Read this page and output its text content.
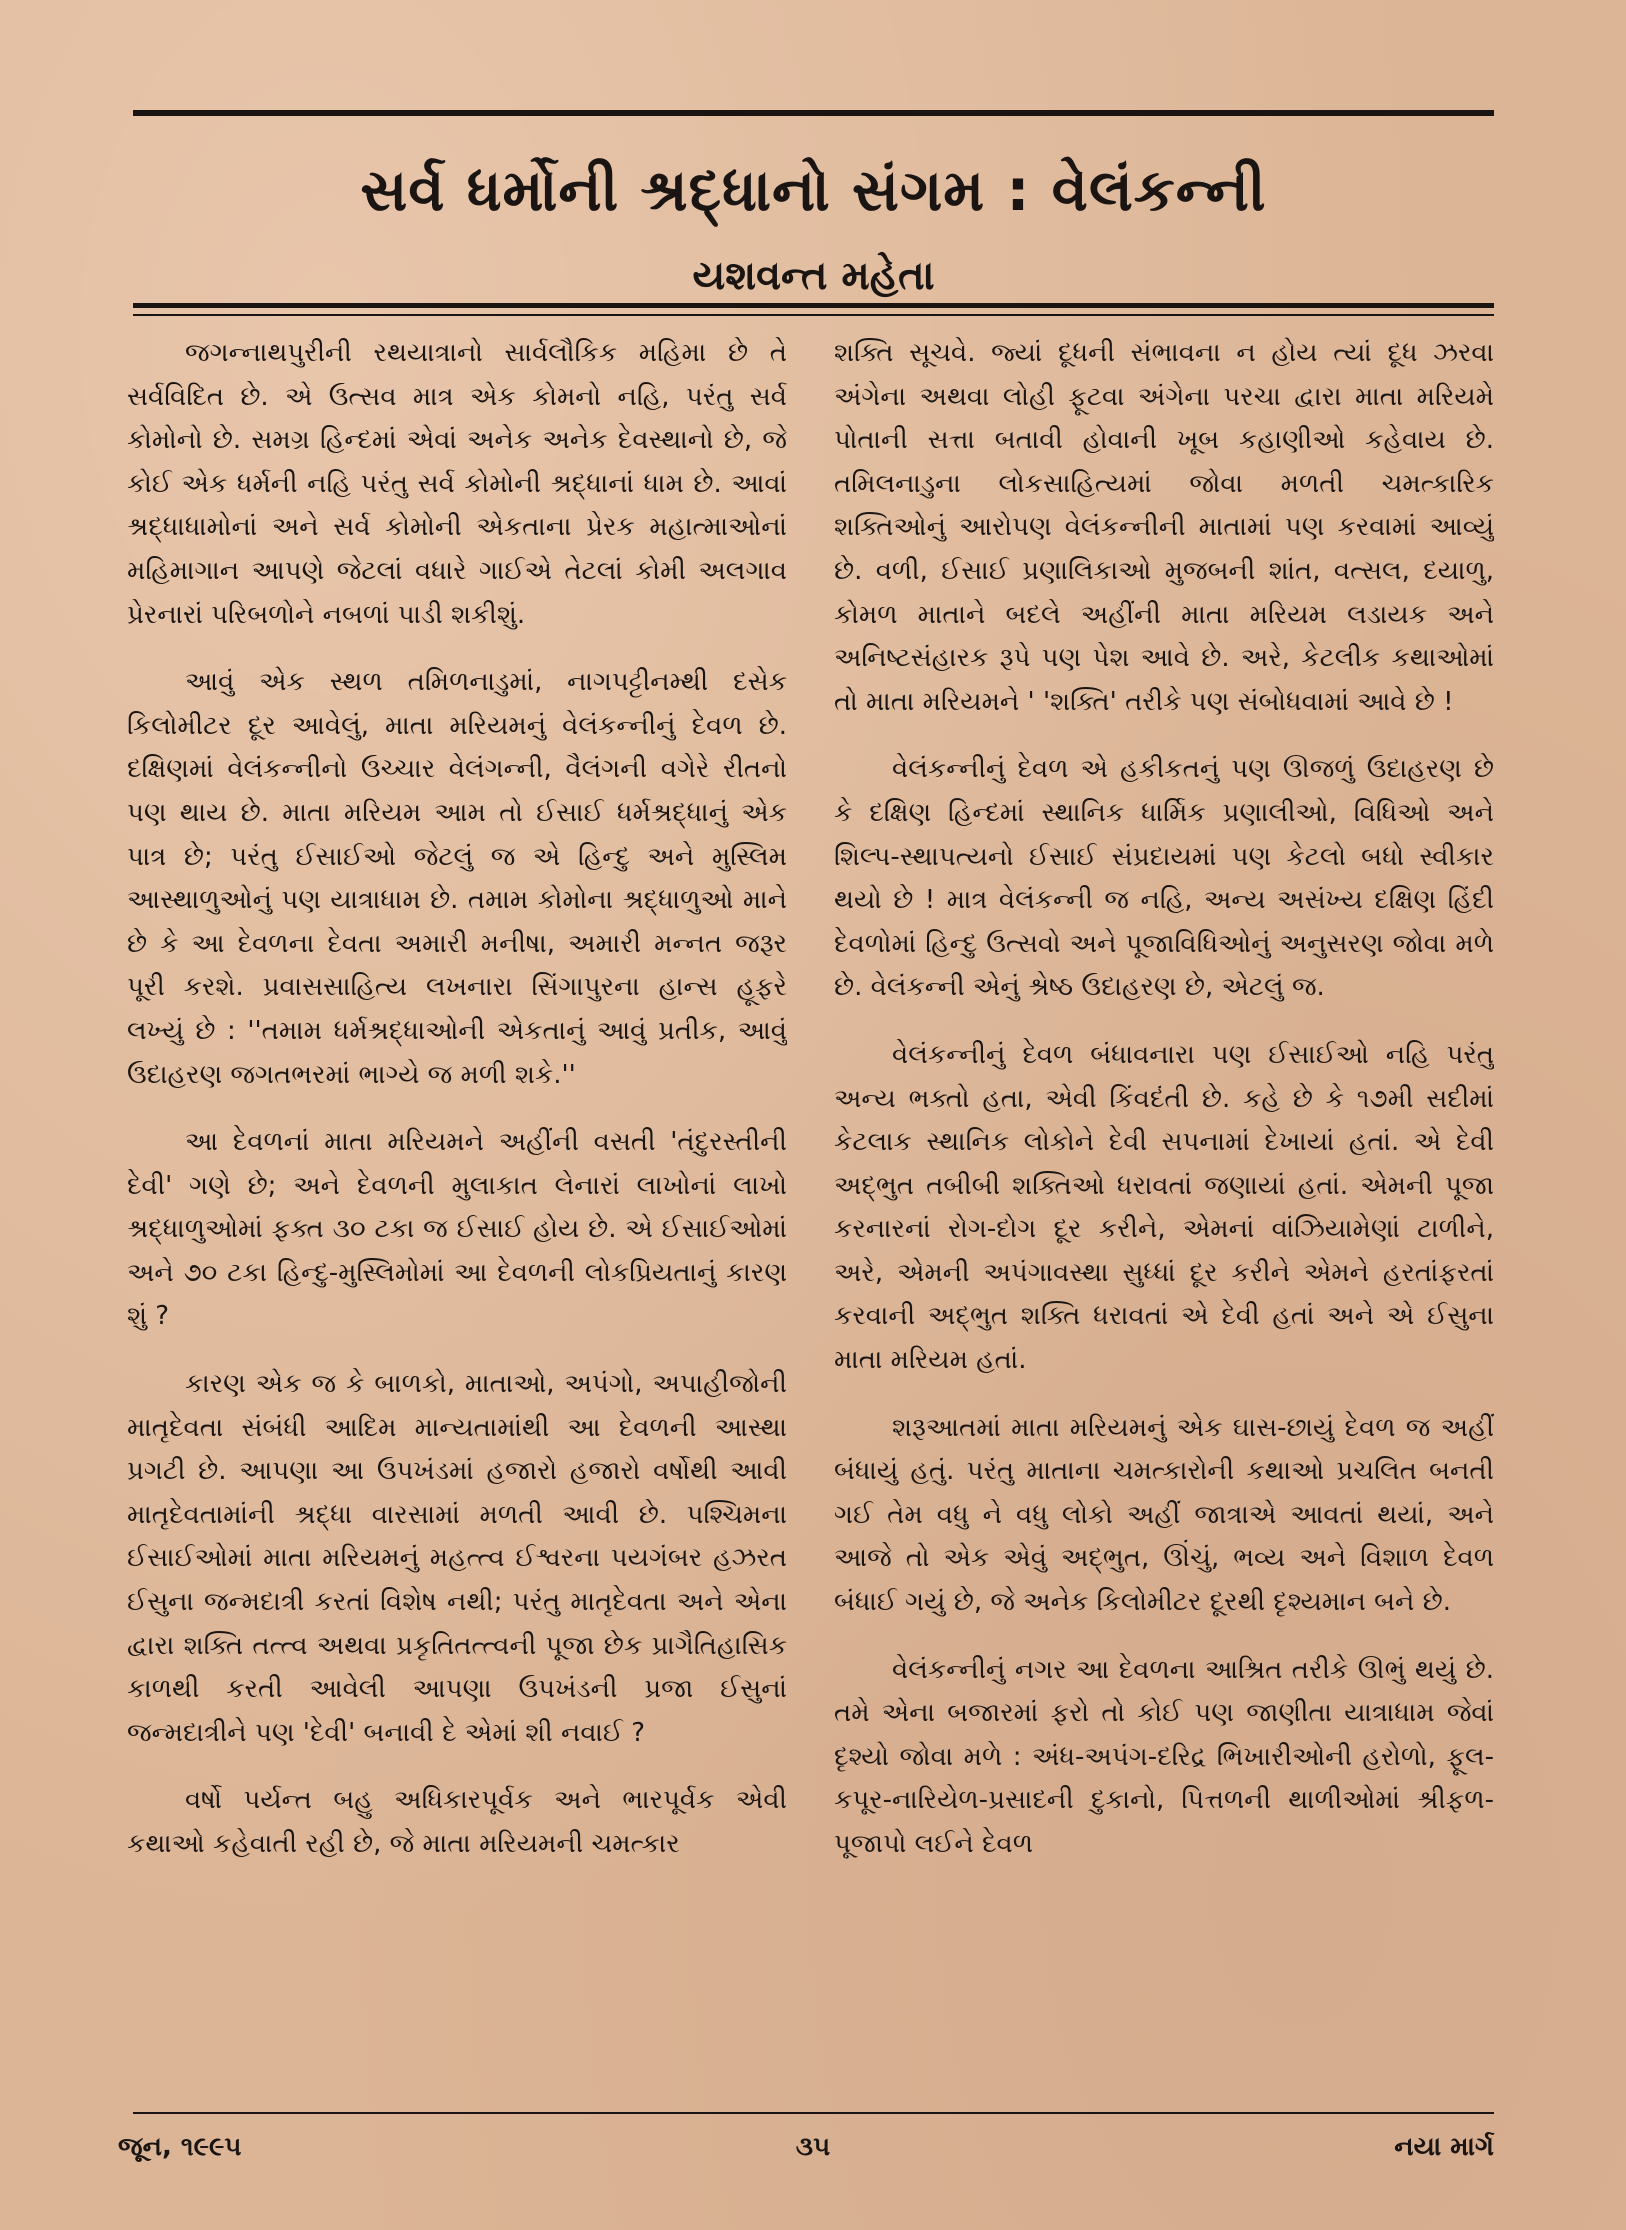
સર્વ ધર્મોની શ્રદ્ધાનો સંગમ : વેલંકન્ની
યશવન્ત મહેતા

જગન્નાથપુરીની રથયાત્રાનો સાર્વલૌકિક મહિમા છે તે સર્વવિદિત છે. એ ઉત્સવ માત્ર એક કોમનો નહિ, પરંતુ સર્વ કોમોનો છે. સમગ્ર હિન્દમાં એવાં અનેક અનેક દેવસ્થાનો છે, જે કોઈ એક ધર્મની નહિ પરંતુ સર્વ કોમોની શ્રદ્ધાનાં ધામ છે. આવાં શ્રદ્ધાધામોનાં અને સર્વ કોમોની એકતાના પ્રેરક મહાત્માઓનાં મહિમાગાન આપણે જેટલાં વધારે ગાઈએ તેટલાં કોમી અલગાવ પ્રેરનારાં પરિબળોને નબળાં પાડી શકીશું.

આવું એક સ્થળ તમિળનાડુમાં, નાગપટ્ટીનમ્થી દસેક કિલોમીટર દૂર આવેલું, માતા મરિયમનું વેલંકન્નીનું દેવળ છે. દક્ષિણમાં વેલંકન્નીનો ઉચ્ચાર વેલંગન્ની, વૈલંગની વગેરે રીતનો પણ થાય છે. માતા મરિયમ આમ તો ઈસાઈ ધર્મશ્રદ્ધાનું એક પાત્ર છે; પરંતુ ઈસાઈઓ જેટલું જ એ હિન્દુ અને મુસ્લિમ આસ્થાળુઓનું પણ યાત્રાધામ છે. તમામ કોમોના શ્રદ્ધાળુઓ માને છે કે આ દેવળના દેવતા અમારી મનીષા, અમારી મન્નત જરૂર પૂરી કરશે. પ્રવાસસાહિત્ય લખનારા સિંગાપુરના હાન્સ હૂફરે લખ્યું છે : ''તમામ ધર્મશ્રદ્ધાઓની એકતાનું આવું પ્રતીક, આવું ઉદાહરણ જગતભરમાં ભાગ્યે જ મળી શકે.''

આ દેવળનાં માતા મરિયમને અહીંની વસતી 'તંદુરસ્તીની દેવી' ગણે છે; અને દેવળની મુલાકાત લેનારાં લાખોનાં લાખો શ્રદ્ધાળુઓમાં ફક્ત ૩૦ ટકા જ ઈસાઈ હોય છે. એ ઈસાઈઓમાં અને ૭૦ ટકા હિન્દુ-મુસ્લિમોમાં આ દેવળની લોકપ્રિયતાનું કારણ શું ?

કારણ એક જ કે બાળકો, માતાઓ, અપંગો, અપાહીજોની માતૃદેવતા સંબંધી આદિમ માન્યતામાંથી આ દેવળની આસ્થા પ્રગટી છે. આપણા આ ઉપખંડમાં હજારો હજારો વર્ષોથી આવી માતૃદેવતામાંની શ્રદ્ધા વારસામાં મળતી આવી છે. પશ્ચિમના ઈસાઈઓમાં માતા મરિયમનું મહત્ત્વ ઈશ્વરના પયગંબર હઝરત ઈસુના જન્મદાત્રી કરતાં વિશેષ નથી; પરંતુ માતૃદેવતા અને એના દ્વારા શક્તિ તત્ત્વ અથવા પ્રકૃતિતત્ત્વની પૂજા છેક પ્રાગૈતિહાસિક કાળથી કરતી આવેલી આપણા ઉપખંડની પ્રજા ઈસુનાં જન્મદાત્રીને પણ 'દેવી' બનાવી દે એમાં શી નવાઈ ?

વર્ષો પર્યન્ત બહુ અધિકારપૂર્વક અને ભારપૂર્વક એવી કથાઓ કહેવાતી રહી છે, જે માતા મરિયમની ચમત્કાર

શક્તિ સૂચવે. જ્યાં દૂધની સંભાવના ન હોય ત્યાં દૂધ ઝરવા અંગેના અથવા લોહી ફૂટવા અંગેના પરચા દ્વારા માતા મરિયમે પોતાની સત્તા બતાવી હોવાની ખૂબ કહાણીઓ કહેવાય છે. તમિલનાડુના લોકસાહિત્યમાં જોવા મળતી ચમત્કારિક શક્તિઓનું આરોપણ વેલંકન્નીની માતામાં પણ કરવામાં આવ્યું છે. વળી, ઈસાઈ પ્રણાલિકાઓ મુજબની શાંત, વત્સલ, દયાળુ, કોમળ માતાને બદલે અહીંની માતા મરિયમ લડાયક અને અનિષ્ટસંહારક રૂપે પણ પેશ આવે છે. અરે, કેટલીક કથાઓમાં તો માતા મરિયમને ' 'શક્તિ' તરીકે પણ સંબોધવામાં આવે છે !

વેલંકન્નીનું દેવળ એ હકીકતનું પણ ઊજળું ઉદાહરણ છે કે દક્ષિણ હિન્દમાં સ્થાનિક ધાર્મિક પ્રણાલીઓ, વિધિઓ અને શિલ્પ-સ્થાપત્યનો ઈસાઈ સંપ્રદાયમાં પણ કેટલો બધો સ્વીકાર થયો છે ! માત્ર વેલંકન્ની જ નહિ, અન્ય અસંખ્ય દક્ષિણ હિંદી દેવળોમાં હિન્દુ ઉત્સવો અને પૂજાવિધિઓનું અનુસરણ જોવા મળે છે. વેલંકન્ની એનું શ્રેષ્ઠ ઉદાહરણ છે, એટલું જ.

વેલંકન્નીનું દેવળ બંધાવનારા પણ ઈસાઈઓ નહિ પરંતુ અન્ય ભક્તો હતા, એવી કિંવદંતી છે. કહે છે કે ૧૭મી સદીમાં કેટલાક સ્થાનિક લોકોને દેવી સપનામાં દેખાયાં હતાં. એ દેવી અદ્ભુત તબીબી શક્તિઓ ધરાવતાં જણાયાં હતાં. એમની પૂજા કરનારનાં રોગ-દોગ દૂર કરીને, એમનાં વાંઝિયામેણાં ટાળીને, અરે, એમની અપંગાવસ્થા સુધ્ધાં દૂર કરીને એમને હરતાંફરતાં કરવાની અદ્ભુત શક્તિ ધરાવતાં એ દેવી હતાં અને એ ઈસુના માતા મરિયમ હતાં.

શરૂઆતમાં માતા મરિયમનું એક ઘાસ-છાયું દેવળ જ અહીં બંધાયું હતું. પરંતુ માતાના ચમત્કારોની કથાઓ પ્રચલિત બનતી ગઈ તેમ વધુ ને વધુ લોકો અહીં જાત્રાએ આવતાં થયાં, અને આજે તો એક એવું અદ્ભુત, ઊંચું, ભવ્ય અને વિશાળ દેવળ બંધાઈ ગયું છે, જે અનેક કિલોમીટર દૂરથી દૃશ્યમાન બને છે.

વેલંકન્નીનું નગર આ દેવળના આશ્રિત તરીકે ઊભું થયું છે. તમે એના બજારમાં ફરો તો કોઈ પણ જાણીતા યાત્રાધામ જેવાં દૃશ્યો જોવા મળે : અંધ-અપંગ-દરિદ્ર ભિખારીઓની હરોળો, ફૂલ-કપૂર-નારિયેળ-પ્રસાદની દુકાનો, પિત્તળની થાળીઓમાં શ્રીફળ-પૂજાપો લઈને દેવળ

જૂન, ૧૯૯૫	૩૫	નયા માર્ગ
